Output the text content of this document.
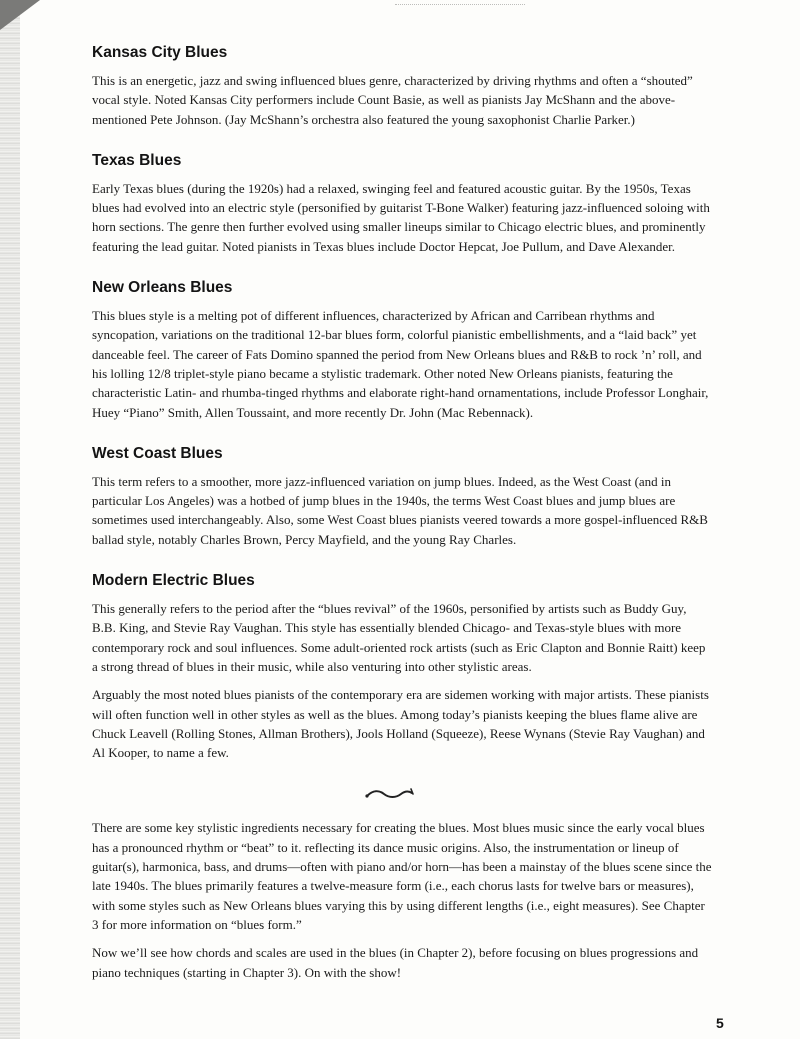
Kansas City Blues

This is an energetic, jazz and swing influenced blues genre, characterized by driving rhythms and often a “shouted” vocal style. Noted Kansas City performers include Count Basie, as well as pianists Jay McShann and the above- mentioned Pete Johnson. (Jay McShann’s orchestra also featured the young saxophonist Charlie Parker.)

Texas Blues

Early Texas blues (during the 1920s) had a relaxed, swinging feel and featured acoustic guitar. By the 1950s, Texas blues had evolved into an electric style (personified by guitarist T-Bone Walker) featuring jazz-influenced soloing with horn sections. The genre then further evolved using smaller lineups similar to Chicago electric blues, and prominently featuring the lead guitar. Noted pianists in Texas blues include Doctor Hepcat, Joe Pullum, and Dave Alexander.

New Orleans Blues

This blues style is a melting pot of different influences, characterized by African and Carribean rhythms and syncopation, variations on the traditional 12-bar blues form, colorful pianistic embellishments, and a “laid back” yet danceable feel. The career of Fats Domino spanned the period from New Orleans blues and R&B to rock ’n’ roll, and his lolling 12/8 triplet-style piano became a stylistic trademark. Other noted New Orleans pianists, featuring the characteristic Latin- and rhumba-tinged rhythms and elaborate right-hand ornamentations, include Professor Longhair, Huey “Piano” Smith, Allen Toussaint, and more recently Dr. John (Mac Rebennack).

West Coast Blues

This term refers to a smoother, more jazz-influenced variation on jump blues. Indeed, as the West Coast (and in particular Los Angeles) was a hotbed of jump blues in the 1940s, the terms West Coast blues and jump blues are sometimes used interchangeably. Also, some West Coast blues pianists veered towards a more gospel-influenced R&B ballad style, notably Charles Brown, Percy Mayfield, and the young Ray Charles.

Modern Electric Blues

This generally refers to the period after the “blues revival” of the 1960s, personified by artists such as Buddy Guy, B.B. King, and Stevie Ray Vaughan. This style has essentially blended Chicago- and Texas-style blues with more contemporary rock and soul influences. Some adult-oriented rock artists (such as Eric Clapton and Bonnie Raitt) keep a strong thread of blues in their music, while also venturing into other stylistic areas.

Arguably the most noted blues pianists of the contemporary era are sidemen working with major artists. These pianists will often function well in other styles as well as the blues. Among today’s pianists keeping the blues flame alive are Chuck Leavell (Rolling Stones, Allman Brothers), Jools Holland (Squeeze), Reese Wynans (Stevie Ray Vaughan) and Al Kooper, to name a few.

There are some key stylistic ingredients necessary for creating the blues. Most blues music since the early vocal blues has a pronounced rhythm or “beat” to it. reflecting its dance music origins. Also, the instrumentation or lineup of guitar(s), harmonica, bass, and drums—often with piano and/or horn—has been a mainstay of the blues scene since the late 1940s. The blues primarily features a twelve-measure form (i.e., each chorus lasts for twelve bars or measures), with some styles such as New Orleans blues varying this by using different lengths (i.e., eight measures). See Chapter 3 for more information on “blues form.”

Now we’ll see how chords and scales are used in the blues (in Chapter 2), before focusing on blues progressions and piano techniques (starting in Chapter 3). On with the show!

5
